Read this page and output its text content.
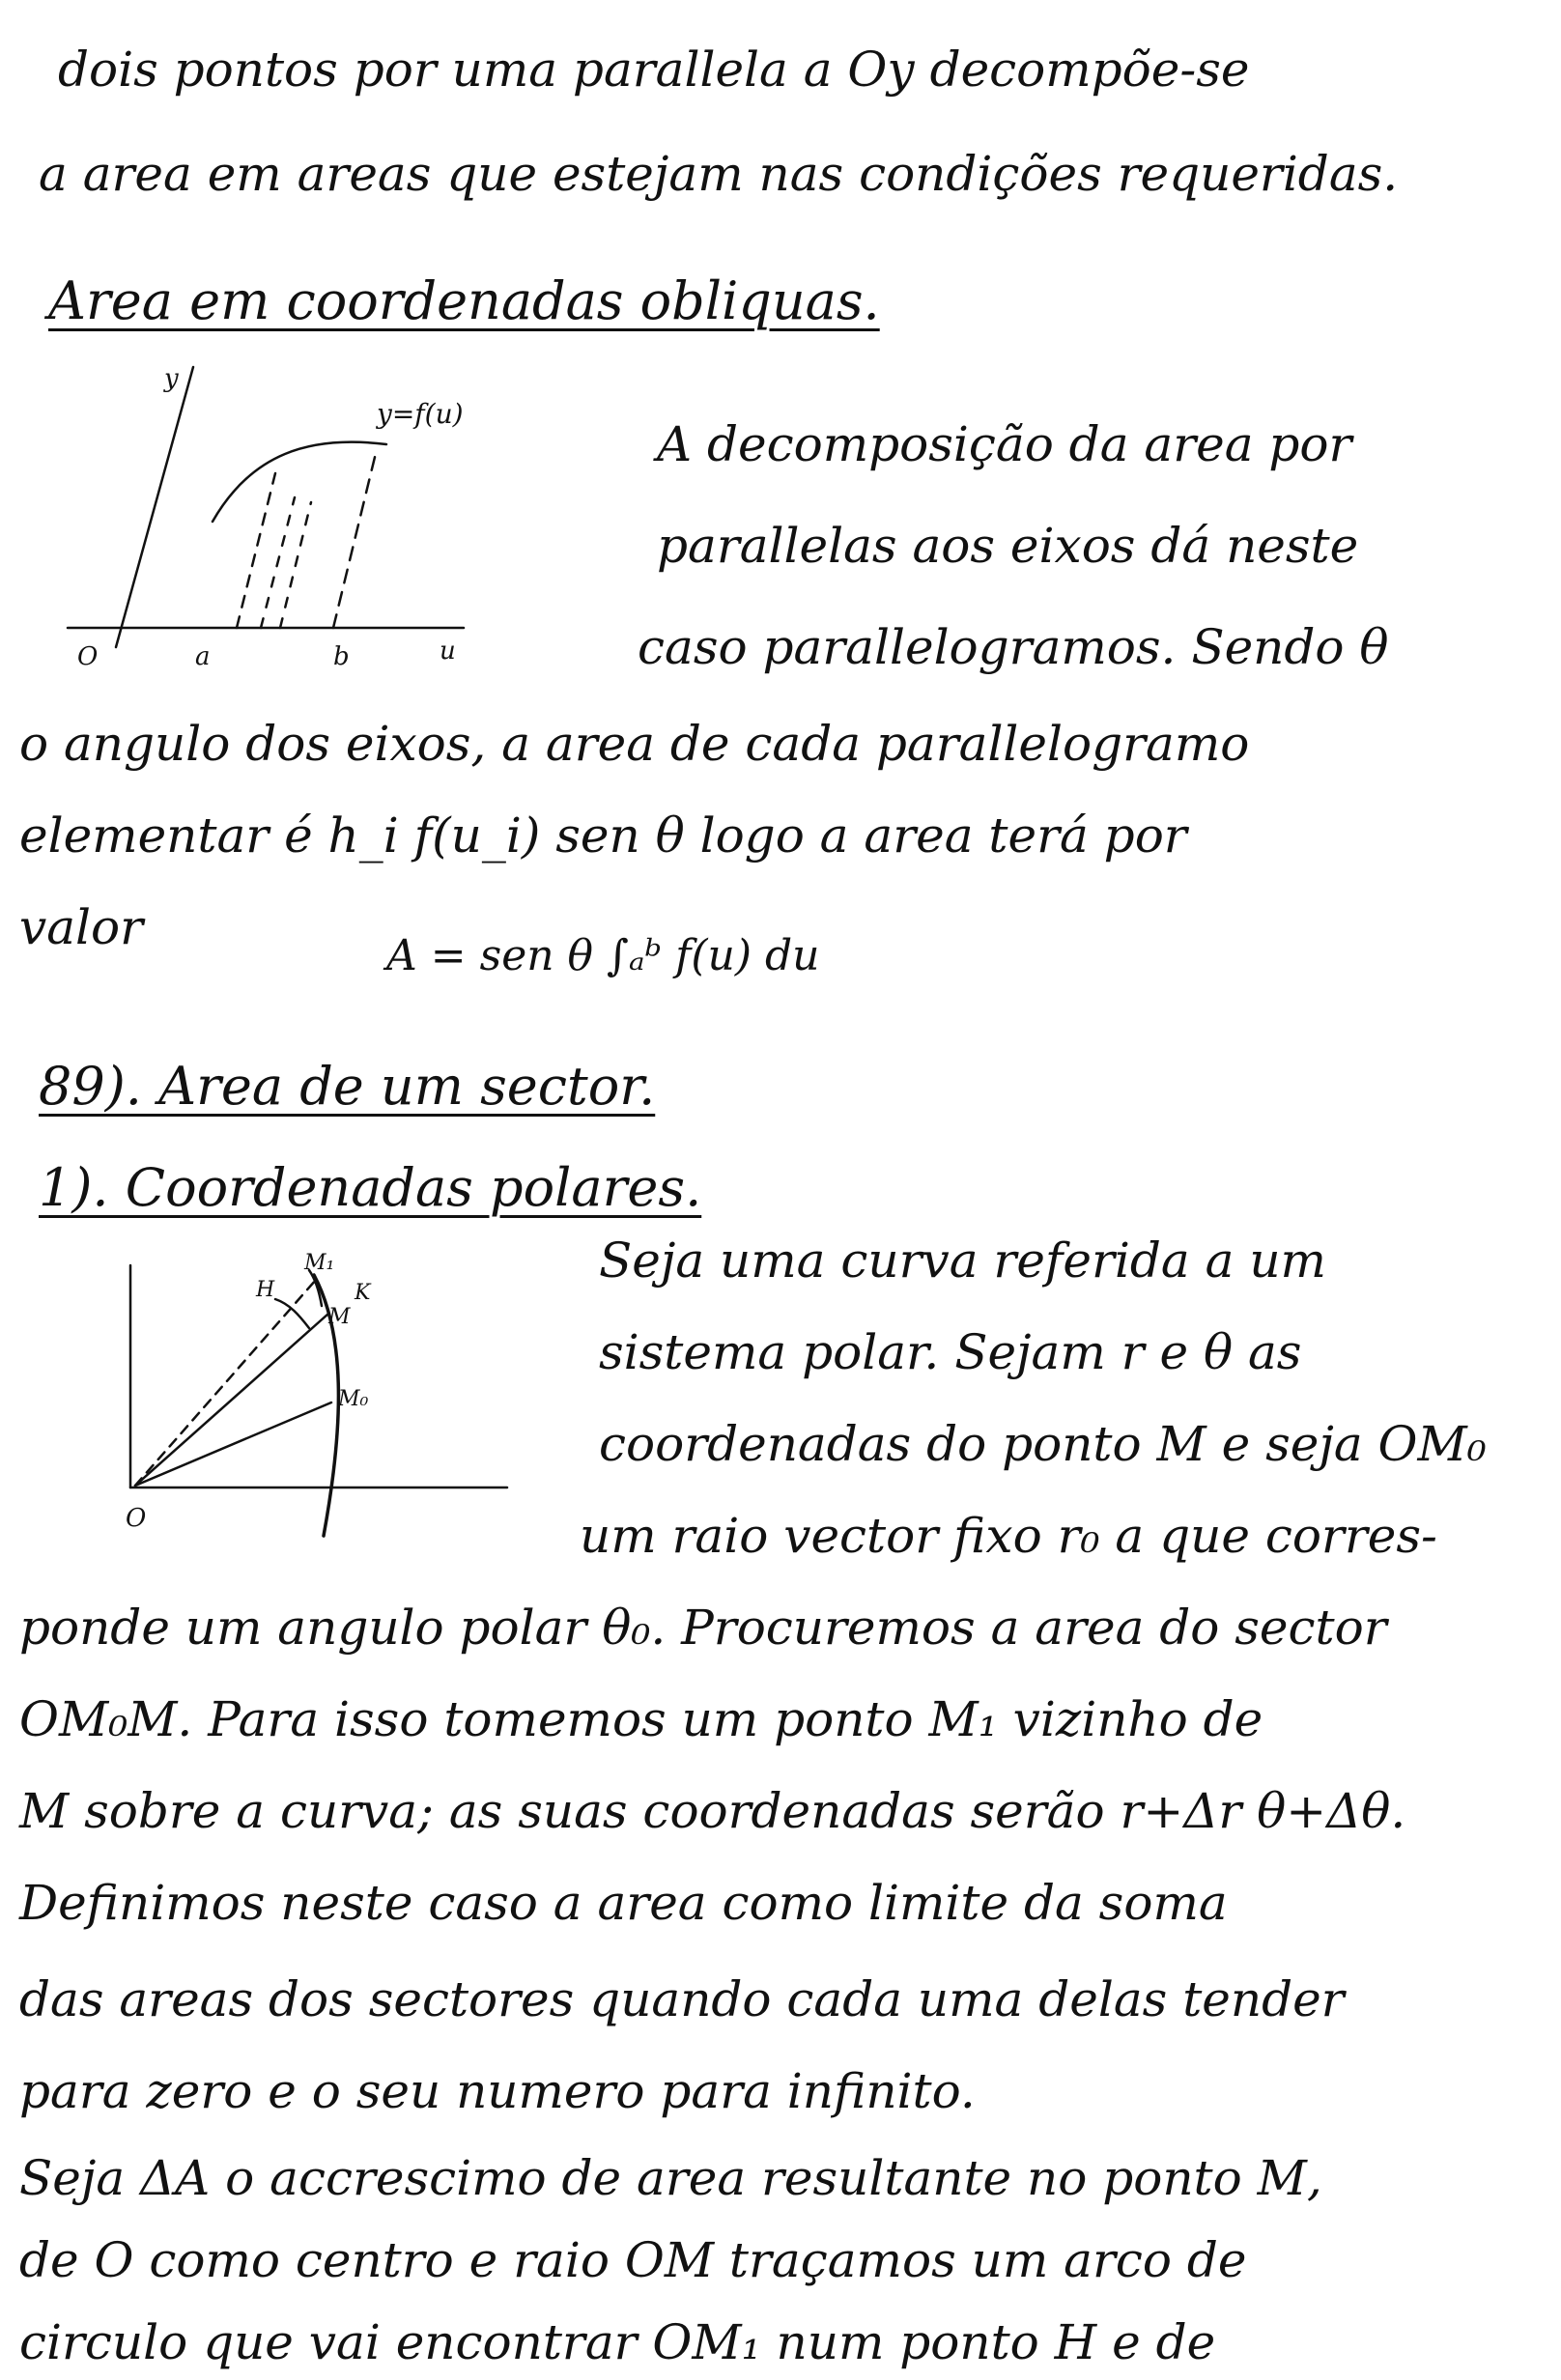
dois pontos por uma parallela a Oy decompõe-se
a area em areas que estejam nas condições requeridas.
Area em coordenadas obliquas.
y
y=f(u)
O	a	b	u
A decomposição da area por
parallelas aos eixos dá neste
caso parallelogramos. Sendo θ
o angulo dos eixos, a area de cada parallelogramo
elementar é h_i f(u_i) sen θ logo a area terá por
valor
A = sen θ ∫ₐᵇ f(u) du
89). Area de um sector.
1). Coordenadas polares.
O
M₀
M
M₁
H	K
Seja uma curva referida a um
sistema polar. Sejam r e θ as
coordenadas do ponto M e seja OM₀
um raio vector fixo r₀ a que corres-
ponde um angulo polar θ₀. Procuremos a area do sector
OM₀M. Para isso tomemos um ponto M₁ vizinho de
M sobre a curva; as suas coordenadas serão r+Δr θ+Δθ.
Definimos neste caso a area como limite da soma
das areas dos sectores quando cada uma delas tender
para zero e o seu numero para infinito.
Seja ΔA o accrescimo de area resultante no ponto M,
de O como centro e raio OM traçamos um arco de
circulo que vai encontrar OM₁ num ponto H e de
